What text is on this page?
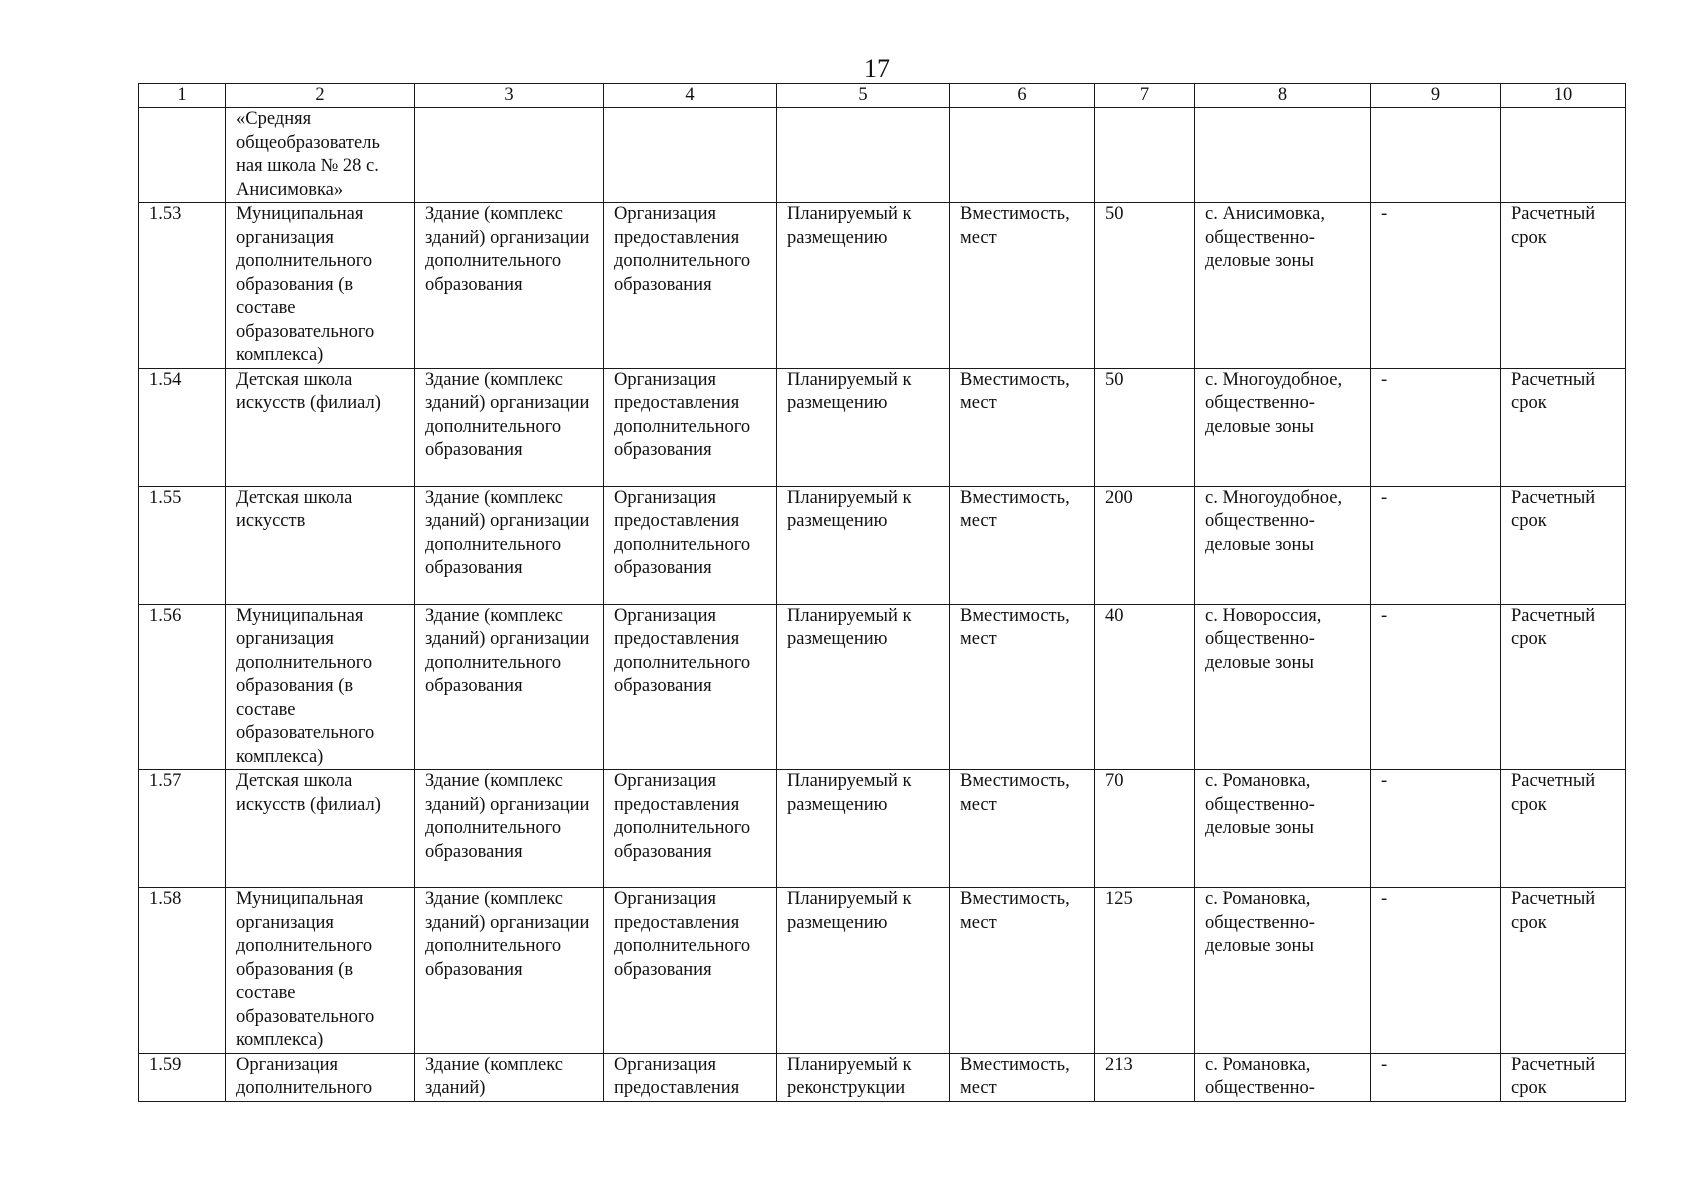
17
1	2	3	4	5	6	7	8	9	10
	«Средняя общеобразователь ная школа № 28 с. Анисимовка»								
1.53	Муниципальная организация дополнительного образования (в составе образовательного комплекса)	Здание (комплекс зданий) организации дополнительного образования	Организация предоставления дополнительного образования	Планируемый к размещению	Вместимость, мест	50	с. Анисимовка, общественно-деловые зоны	-	Расчетный срок
1.54	Детская школа искусств (филиал)	Здание (комплекс зданий) организации дополнительного образования	Организация предоставления дополнительного образования	Планируемый к размещению	Вместимость, мест	50	с. Многоудобное, общественно-деловые зоны	-	Расчетный срок
1.55	Детская школа искусств	Здание (комплекс зданий) организации дополнительного образования	Организация предоставления дополнительного образования	Планируемый к размещению	Вместимость, мест	200	с. Многоудобное, общественно-деловые зоны	-	Расчетный срок
1.56	Муниципальная организация дополнительного образования (в составе образовательного комплекса)	Здание (комплекс зданий) организации дополнительного образования	Организация предоставления дополнительного образования	Планируемый к размещению	Вместимость, мест	40	с. Новороссия, общественно-деловые зоны	-	Расчетный срок
1.57	Детская школа искусств (филиал)	Здание (комплекс зданий) организации дополнительного образования	Организация предоставления дополнительного образования	Планируемый к размещению	Вместимость, мест	70	с. Романовка, общественно-деловые зоны	-	Расчетный срок
1.58	Муниципальная организация дополнительного образования (в составе образовательного комплекса)	Здание (комплекс зданий) организации дополнительного образования	Организация предоставления дополнительного образования	Планируемый к размещению	Вместимость, мест	125	с. Романовка, общественно-деловые зоны	-	Расчетный срок
1.59	Организация дополнительного	Здание (комплекс зданий)	Организация предоставления	Планируемый к реконструкции	Вместимость, мест	213	с. Романовка, общественно-	-	Расчетный срок
